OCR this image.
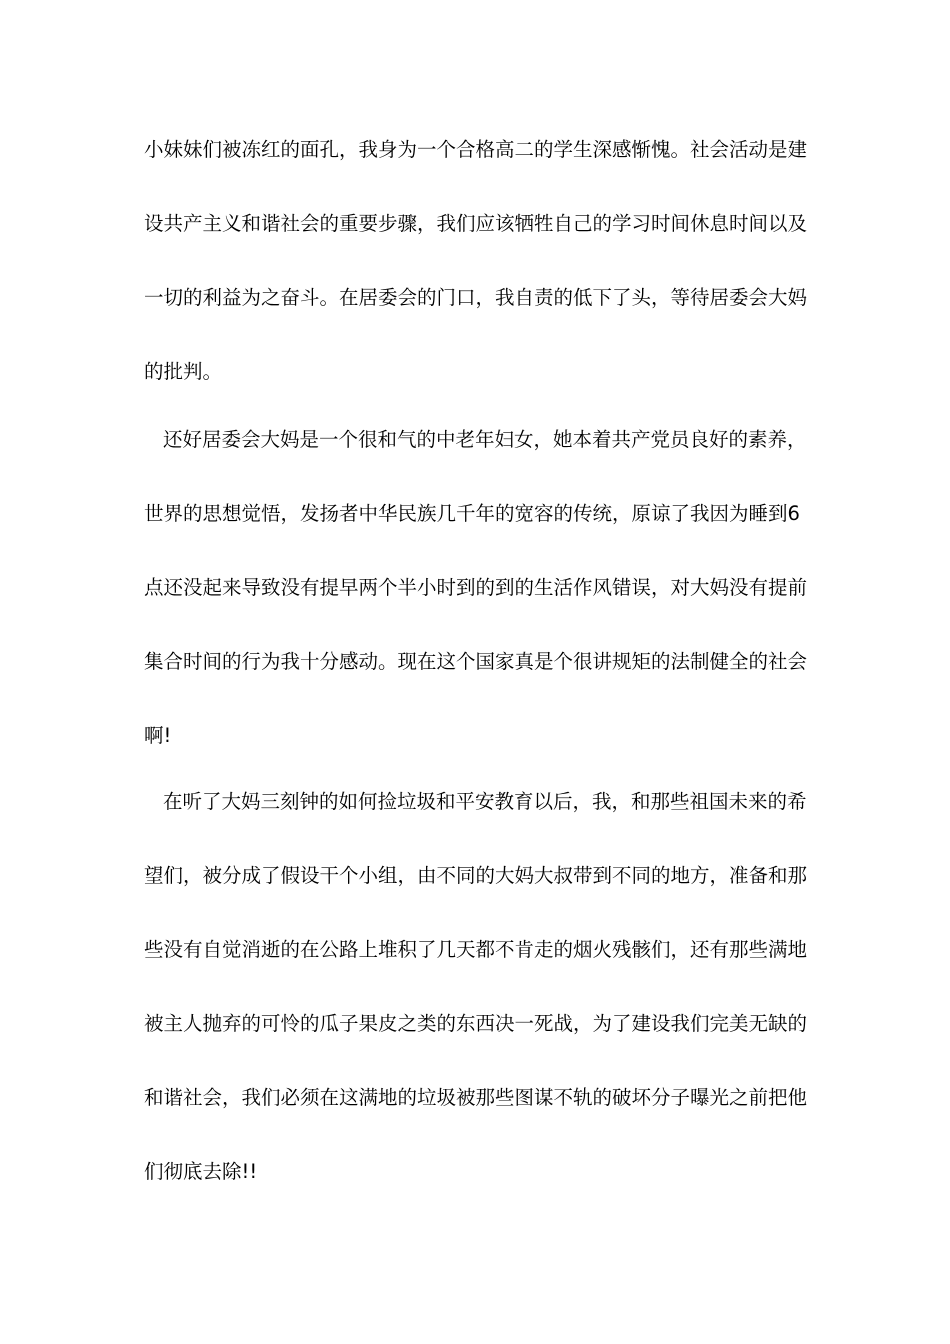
小妹妹们被冻红的面孔，我身为一个合格高二的学生深感惭愧。社会活动是建
设共产主义和谐社会的重要步骤，我们应该牺牲自己的学习时间休息时间以及
一切的利益为之奋斗。在居委会的门口，我自责的低下了头，等待居委会大妈
的批判。
还好居委会大妈是一个很和气的中老年妇女，她本着共产党员良好的素养，
世界的思想觉悟，发扬者中华民族几千年的宽容的传统，原谅了我因为睡到6
点还没起来导致没有提早两个半小时到的到的生活作风错误，对大妈没有提前
集合时间的行为我十分感动。现在这个国家真是个很讲规矩的法制健全的社会
啊!
在听了大妈三刻钟的如何捡垃圾和平安教育以后，我，和那些祖国未来的希
望们，被分成了假设干个小组，由不同的大妈大叔带到不同的地方，准备和那
些没有自觉消逝的在公路上堆积了几天都不肯走的烟火残骸们，还有那些满地
被主人抛弃的可怜的瓜子果皮之类的东西决一死战，为了建设我们完美无缺的
和谐社会，我们必须在这满地的垃圾被那些图谋不轨的破坏分子曝光之前把他
们彻底去除!!
